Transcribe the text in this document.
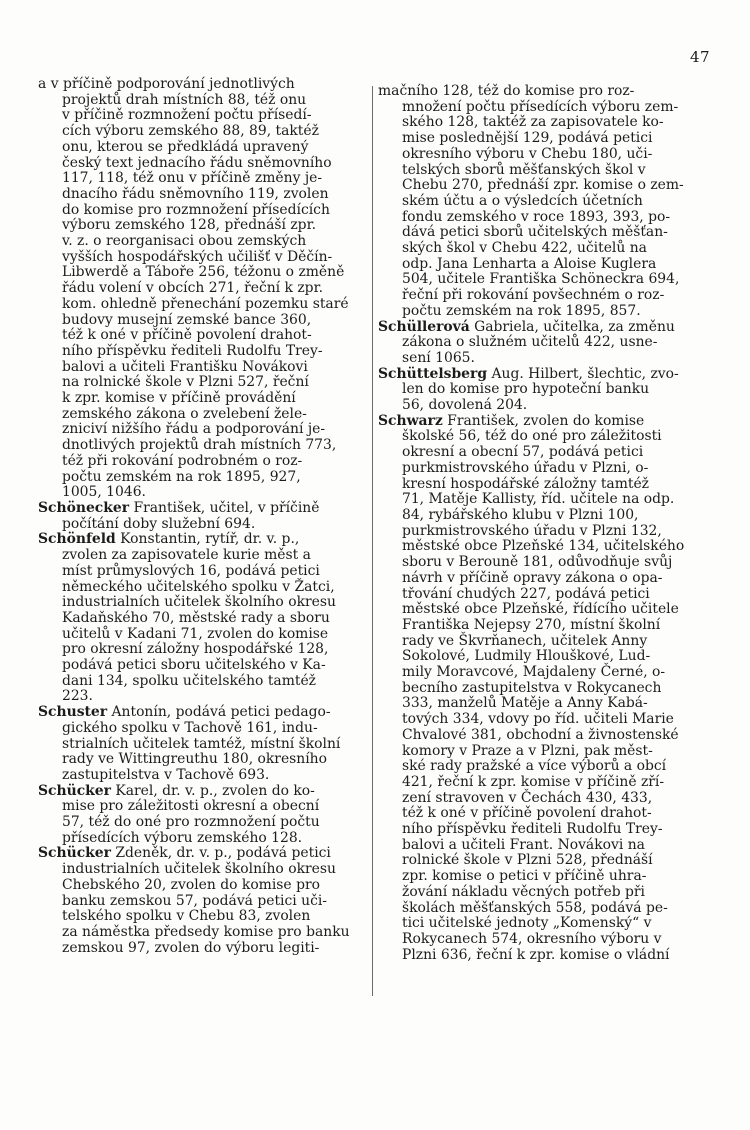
47
a v příčině podporování jednotlivých
projektů drah místních 88, též onu
v příčině rozmnožení počtu přísedí-
cích výboru zemského 88, 89, taktéž
onu, kterou se předkládá upravený
český text jednacího řádu sněmovního
117, 118, též onu v příčině změny je-
dnacího řádu sněmovního 119, zvolen
do komise pro rozmnožení přísedících
výboru zemského 128, přednáší zpr.
v. z. o reorganisaci obou zemských
vyšších hospodářských učilišť v Děčín-
Libwerdě a Táboře 256, téžonu o změně
řádu volení v obcích 271, řeční k zpr.
kom. ohledně přenechání pozemku staré
budovy musejní zemské bance 360,
též k oné v příčině povolení drahot-
ního příspěvku řediteli Rudolfu Trey-
balovi a učiteli Františku Novákovi
na rolnické škole v Plzni 527, řeční
k zpr. komise v příčině provádění
zemského zákona o zvelebení žele-
zniciví nižšího řádu a podporování je-
dnotlivých projektů drah místních 773,
též při rokování podrobném o roz-
počtu zemském na rok 1895, 927,
1005, 1046.
Schönecker František, učitel, v příčině
počítání doby služební 694.
Schönfeld Konstantin, rytíř, dr. v. p.,
zvolen za zapisovatele kurie měst a
míst průmyslových 16, podává petici
německého učitelského spolku v Žatci,
industrialních učitelek školního okresu
Kadaňského 70, městské rady a sboru
učitelů v Kadani 71, zvolen do komise
pro okresní záložny hospodářské 128,
podává petici sboru učitelského v Ka-
dani 134, spolku učitelského tamtéž
223.
Schuster Antonín, podává petici pedago-
gického spolku v Tachově 161, indu-
strialních učitelek tamtéž, místní školní
rady ve Wittingreuthu 180, okresního
zastupitelstva v Tachově 693.
Schücker Karel, dr. v. p., zvolen do ko-
mise pro záležitosti okresní a obecní
57, též do oné pro rozmnožení počtu
přísedících výboru zemského 128.
Schücker Zdeněk, dr. v. p., podává petici
industrialních učitelek školního okresu
Chebského 20, zvolen do komise pro
banku zemskou 57, podává petici uči-
telského spolku v Chebu 83, zvolen
za náměstka předsedy komise pro banku
zemskou 97, zvolen do výboru legiti-
mačního 128, též do komise pro roz-
množení počtu přísedících výboru zem-
ského 128, taktéž za zapisovatele ko-
mise poslednější 129, podává petici
okresního výboru v Chebu 180, uči-
telských sborů měšťanských škol v
Chebu 270, přednáší zpr. komise o zem-
ském účtu a o výsledcích účetních
fondu zemského v roce 1893, 393, po-
dává petici sborů učitelských měšťan-
ských škol v Chebu 422, učitelů na
odp. Jana Lenharta a Aloise Kuglera
504, učitele Františka Schöneckra 694,
řeční při rokování povšechném o roz-
počtu zemském na rok 1895, 857.
Schüllerová Gabriela, učitelka, za změnu
zákona o služném učitelů 422, usne-
sení 1065.
Schüttelsberg Aug. Hilbert, šlechtic, zvo-
len do komise pro hypoteční banku
56, dovolená 204.
Schwarz František, zvolen do komise
školské 56, též do oné pro záležitosti
okresní a obecní 57, podává petici
purkmistrovského úřadu v Plzni, o-
kresní hospodářské záložny tamtéž
71, Matěje Kallisty, říd. učitele na odp.
84, rybářského klubu v Plzni 100,
purkmistrovského úřadu v Plzni 132,
městské obce Plzeňské 134, učitelského
sboru v Berouně 181, odůvodňuje svůj
návrh v příčině opravy zákona o opa-
třování chudých 227, podává petici
městské obce Plzeňské, řídícího učitele
Františka Nejepsy 270, místní školní
rady ve Škvrňanech, učitelek Anny
Sokolové, Ludmily Hlouškové, Lud-
mily Moravcové, Majdaleny Černé, o-
becního zastupitelstva v Rokycanech
333, manželů Matěje a Anny Kabá-
tových 334, vdovy po říd. učiteli Marie
Chvalové 381, obchodní a živnostenské
komory v Praze a v Plzni, pak měst-
ské rady pražské a více výborů a obcí
421, řeční k zpr. komise v příčině zří-
zení stravoven v Čechách 430, 433,
též k oné v příčině povolení drahot-
ního příspěvku řediteli Rudolfu Trey-
balovi a učiteli Frant. Novákovi na
rolnické škole v Plzni 528, přednáší
zpr. komise o petici v příčině uhra-
žování nákladu věcných potřeb při
školách měšťanských 558, podává pe-
tici učitelské jednoty „Komenský“ v
Rokycanech 574, okresního výboru v
Plzni 636, řeční k zpr. komise o vládní
